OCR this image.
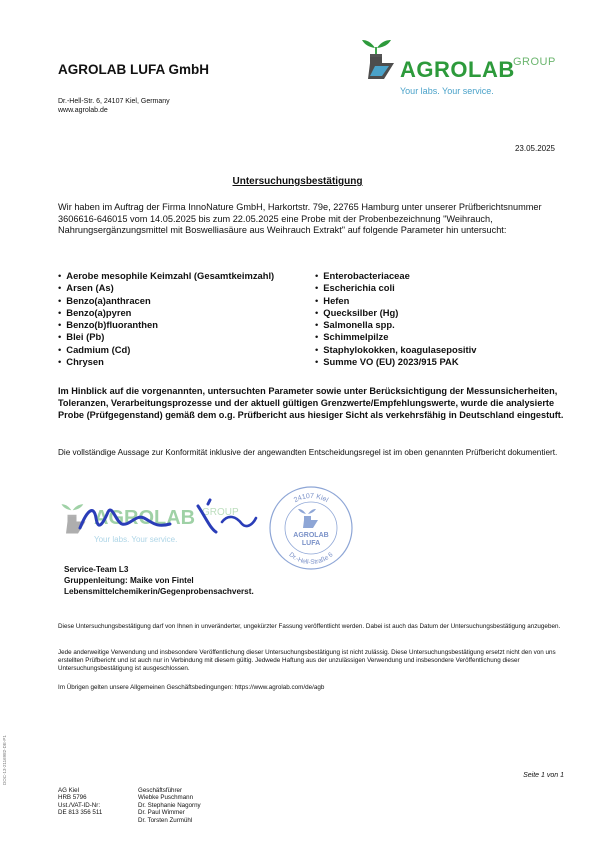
AGROLAB LUFA GmbH
Dr.-Hell-Str. 6, 24107 Kiel, Germany
www.agrolab.de
AGROLAB
GROUP
Your labs. Your service.
23.05.2025
Untersuchungsbestätigung
Wir haben im Auftrag der Firma InnoNature GmbH, Harkortstr. 79e, 22765 Hamburg unter unserer Prüfberichtsnummer 3606616-646015 vom 14.05.2025 bis zum 22.05.2025 eine Probe mit der Probenbezeichnung "Weihrauch, Nahrungsergänzungsmittel mit Boswelliasäure aus Weihrauch Extrakt" auf folgende Parameter hin untersucht:
• Aerobe mesophile Keimzahl (Gesamtkeimzahl)
• Arsen (As)
• Benzo(a)anthracen
• Benzo(a)pyren
• Benzo(b)fluoranthen
• Blei (Pb)
• Cadmium (Cd)
• Chrysen
• Enterobacteriaceae
• Escherichia coli
• Hefen
• Quecksilber (Hg)
• Salmonella spp.
• Schimmelpilze
• Staphylokokken, koagulasepositiv
• Summe VO (EU) 2023/915 PAK
Im Hinblick auf die vorgenannten, untersuchten Parameter sowie unter Berücksichtigung der Messunsicherheiten, Toleranzen, Verarbeitungsprozesse und der aktuell gültigen Grenzwerte/Empfehlungswerte, wurde die analysierte Probe (Prüfgegenstand) gemäß dem o.g. Prüfbericht aus hiesiger Sicht als verkehrsfähig in Deutschland eingestuft.
Die vollständige Aussage zur Konformität inklusive der angewandten Entscheidungsregel ist im oben genannten Prüfbericht dokumentiert.
AGROLAB GROUP
Your labs. Your service.
24107 Kiel
Dr.-Hell-Straße 6
AGROLAB
LUFA
Service-Team L3
Gruppenleitung: Maike von Fintel
Lebensmittelchemikerin/Gegenprobensachverst.
Diese Untersuchungsbestätigung darf von Ihnen in unveränderter, ungekürzter Fassung veröffentlicht werden. Dabei ist auch das Datum der Untersuchungsbestätigung anzugeben.
Jede anderweitige Verwendung und insbesondere Veröffentlichung dieser Untersuchungsbestätigung ist nicht zulässig. Diese Untersuchungsbestätigung ersetzt nicht den von uns erstellten Prüfbericht und ist auch nur in Verbindung mit diesem gültig. Jedwede Haftung aus der unzulässigen Verwendung und insbesondere Veröffentlichung dieser Untersuchungsbestätigung ist ausgeschlossen.
Im Übrigen gelten unsere Allgemeinen Geschäftsbedingungen: https://www.agrolab.com/de/agb
Seite 1 von 1
AG Kiel
HRB 5796
Ust./VAT-ID-Nr:
DE 813 356 511
Geschäftsführer
Wiebke Puschmann
Dr. Stephanie Nagorny
Dr. Paul Wimmer
Dr. Torsten Zurmühl
DOC-13-2116982-DE-P1
